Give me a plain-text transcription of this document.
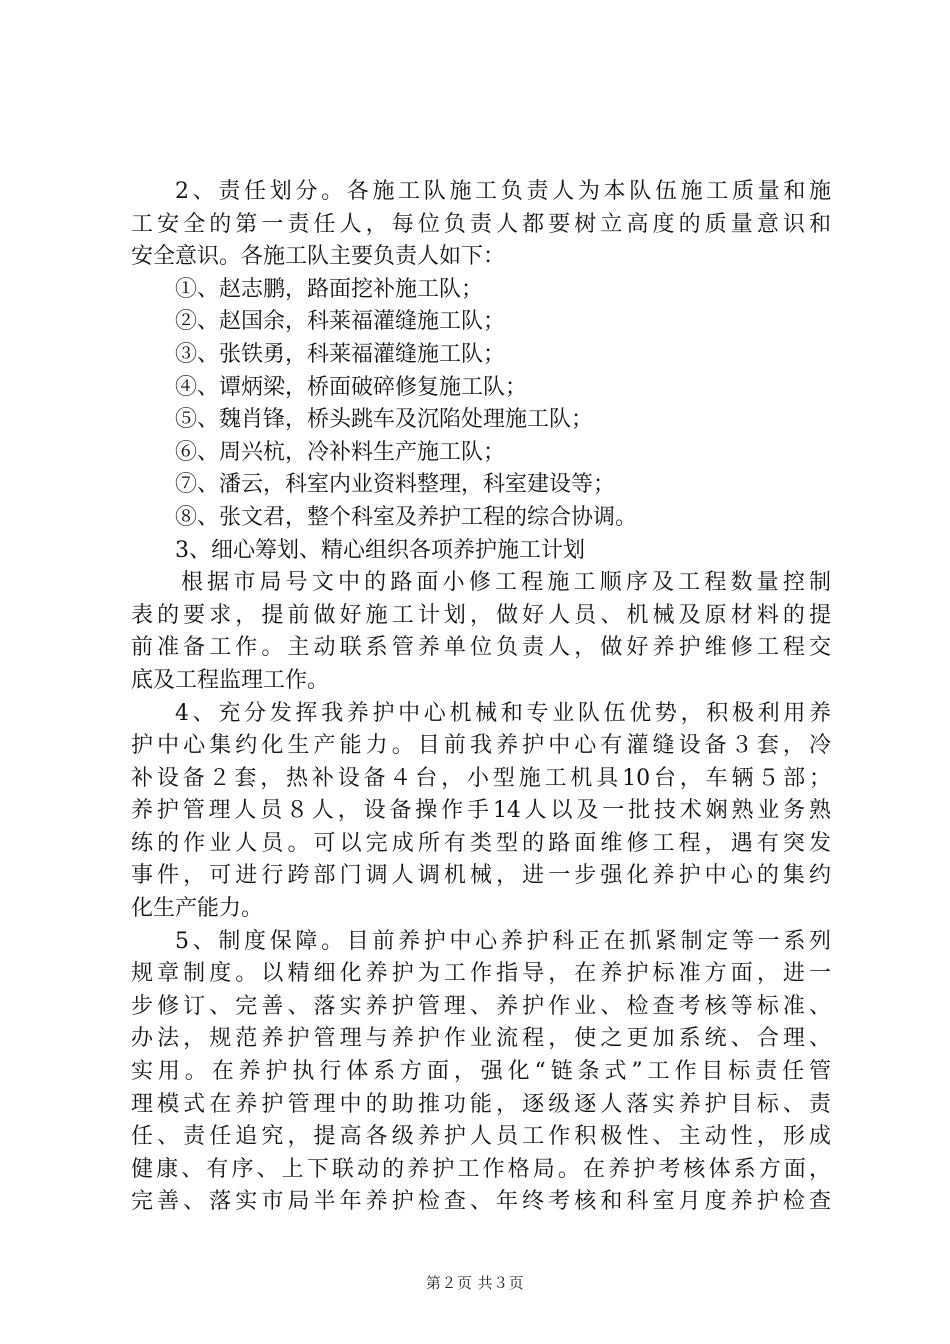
2、责任划分。各施工队施工负责人为本队伍施工质量和施
工安全的第一责任人，每位负责人都要树立高度的质量意识和
安全意识。各施工队主要负责人如下：
①、赵志鹏，路面挖补施工队；
②、赵国余，科莱福灌缝施工队；
③、张铁勇，科莱福灌缝施工队；
④、谭炳梁，桥面破碎修复施工队；
⑤、魏肖锋，桥头跳车及沉陷处理施工队；
⑥、周兴杭，冷补料生产施工队；
⑦、潘云，科室内业资料整理，科室建设等；
⑧、张文君，整个科室及养护工程的综合协调。
3、细心筹划、精心组织各项养护施工计划
根据市局号文中的路面小修工程施工顺序及工程数量控制
表的要求，提前做好施工计划，做好人员、机械及原材料的提
前准备工作。主动联系管养单位负责人，做好养护维修工程交
底及工程监理工作。
4、充分发挥我养护中心机械和专业队伍优势，积极利用养
护中心集约化生产能力。目前我养护中心有灌缝设备３套，冷
补设备２套，热补设备４台，小型施工机具10台，车辆５部；
养护管理人员８人，设备操作手14人以及一批技术娴熟业务熟
练的作业人员。可以完成所有类型的路面维修工程，遇有突发
事件，可进行跨部门调人调机械，进一步强化养护中心的集约
化生产能力。
5、制度保障。目前养护中心养护科正在抓紧制定等一系列
规章制度。以精细化养护为工作指导，在养护标准方面，进一
步修订、完善、落实养护管理、养护作业、检查考核等标准、
办法，规范养护管理与养护作业流程，使之更加系统、合理、
实用。在养护执行体系方面，强化“链条式”工作目标责任管
理模式在养护管理中的助推功能，逐级逐人落实养护目标、责
任、责任追究，提高各级养护人员工作积极性、主动性，形成
健康、有序、上下联动的养护工作格局。在养护考核体系方面，
完善、落实市局半年养护检查、年终考核和科室月度养护检查
第２页 共３页
